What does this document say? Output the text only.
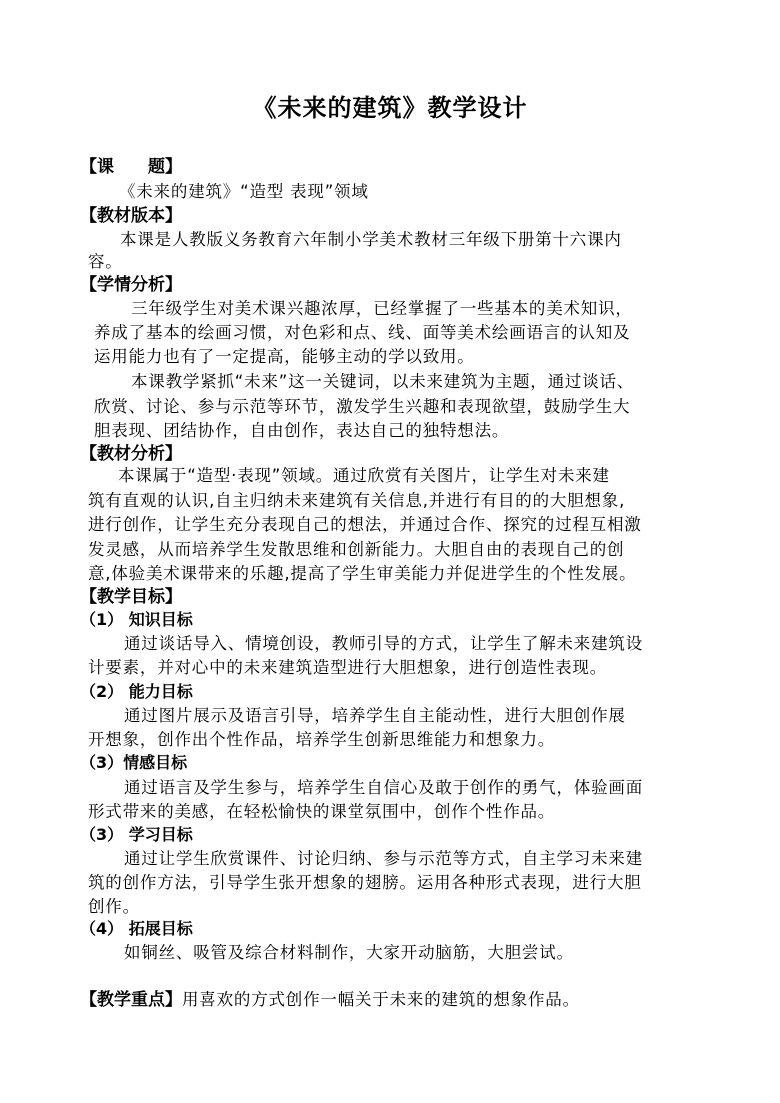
《未来的建筑》教学设计
【课　　题】
《未来的建筑》“造型 表现”领域
【教材版本】
本课是人教版义务教育六年制小学美术教材三年级下册第十六课内
容。
【学情分析】
三年级学生对美术课兴趣浓厚，已经掌握了一些基本的美术知识，
养成了基本的绘画习惯，对色彩和点、线、面等美术绘画语言的认知及
运用能力也有了一定提高，能够主动的学以致用。
本课教学紧抓“未来”这一关键词，以未来建筑为主题，通过谈话、
欣赏、讨论、参与示范等环节，激发学生兴趣和表现欲望，鼓励学生大
胆表现、团结协作，自由创作，表达自己的独特想法。
【教材分析】
本课属于“造型·表现”领域。通过欣赏有关图片，让学生对未来建
筑有直观的认识,自主归纳未来建筑有关信息,并进行有目的的大胆想象,
进行创作，让学生充分表现自己的想法，并通过合作、探究的过程互相激
发灵感，从而培养学生发散思维和创新能力。大胆自由的表现自己的创
意,体验美术课带来的乐趣,提高了学生审美能力并促进学生的个性发展。
【教学目标】
（1） 知识目标
通过谈话导入、情境创设，教师引导的方式，让学生了解未来建筑设
计要素，并对心中的未来建筑造型进行大胆想象，进行创造性表现。
（2） 能力目标
通过图片展示及语言引导，培养学生自主能动性，进行大胆创作展
开想象，创作出个性作品，培养学生创新思维能力和想象力。
（3）情感目标
通过语言及学生参与，培养学生自信心及敢于创作的勇气，体验画面
形式带来的美感，在轻松愉快的课堂氛围中，创作个性作品。
（3） 学习目标
通过让学生欣赏课件、讨论归纳、参与示范等方式，自主学习未来建
筑的创作方法，引导学生张开想象的翅膀。运用各种形式表现，进行大胆
创作。
（4） 拓展目标
如铜丝、吸管及综合材料制作，大家开动脑筋，大胆尝试。
【教学重点】用喜欢的方式创作一幅关于未来的建筑的想象作品。
